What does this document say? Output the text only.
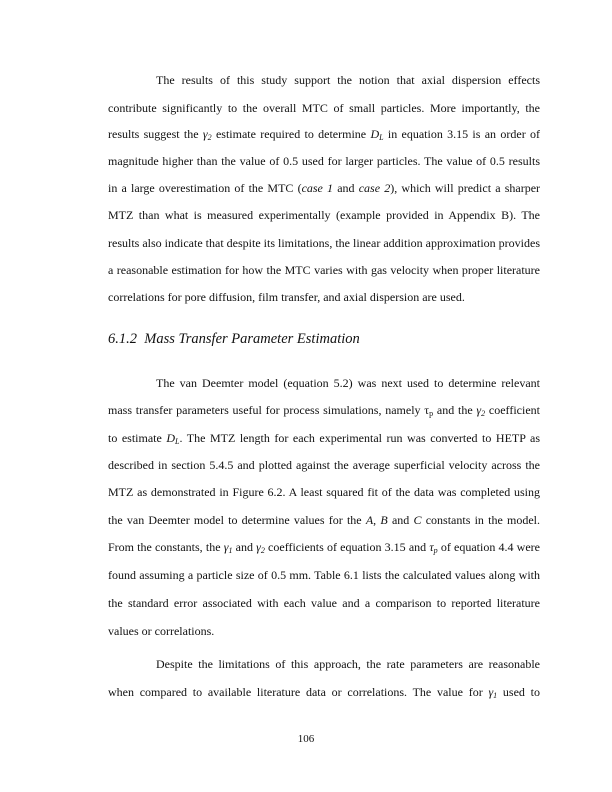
The results of this study support the notion that axial dispersion effects
contribute significantly to the overall MTC of small particles. More importantly, the
results suggest the $\gamma_2$ estimate required to determine $D_L$ in equation 3.15 is an order of
magnitude higher than the value of 0.5 used for larger particles. The value of 0.5 results
in a large overestimation of the MTC (case 1 and case 2), which will predict a sharper
MTZ than what is measured experimentally (example provided in Appendix B). The
results also indicate that despite its limitations, the linear addition approximation provides
a reasonable estimation for how the MTC varies with gas velocity when proper literature
correlations for pore diffusion, film transfer, and axial dispersion are used.
6.1.2 Mass Transfer Parameter Estimation
The van Deemter model (equation 5.2) was next used to determine relevant
mass transfer parameters useful for process simulations, namely $\tau_p$ and the $\gamma_2$ coefficient
to estimate $D_L$. The MTZ length for each experimental run was converted to HETP as
described in section 5.4.5 and plotted against the average superficial velocity across the
MTZ as demonstrated in Figure 6.2. A least squared fit of the data was completed using
the van Deemter model to determine values for the A, B and C constants in the model.
From the constants, the $\gamma_1$ and $\gamma_2$ coefficients of equation 3.15 and $\tau_p$ of equation 4.4 were
found assuming a particle size of 0.5 mm. Table 6.1 lists the calculated values along with
the standard error associated with each value and a comparison to reported literature
values or correlations.
Despite the limitations of this approach, the rate parameters are reasonable
when compared to available literature data or correlations. The value for $\gamma_1$ used to
106
